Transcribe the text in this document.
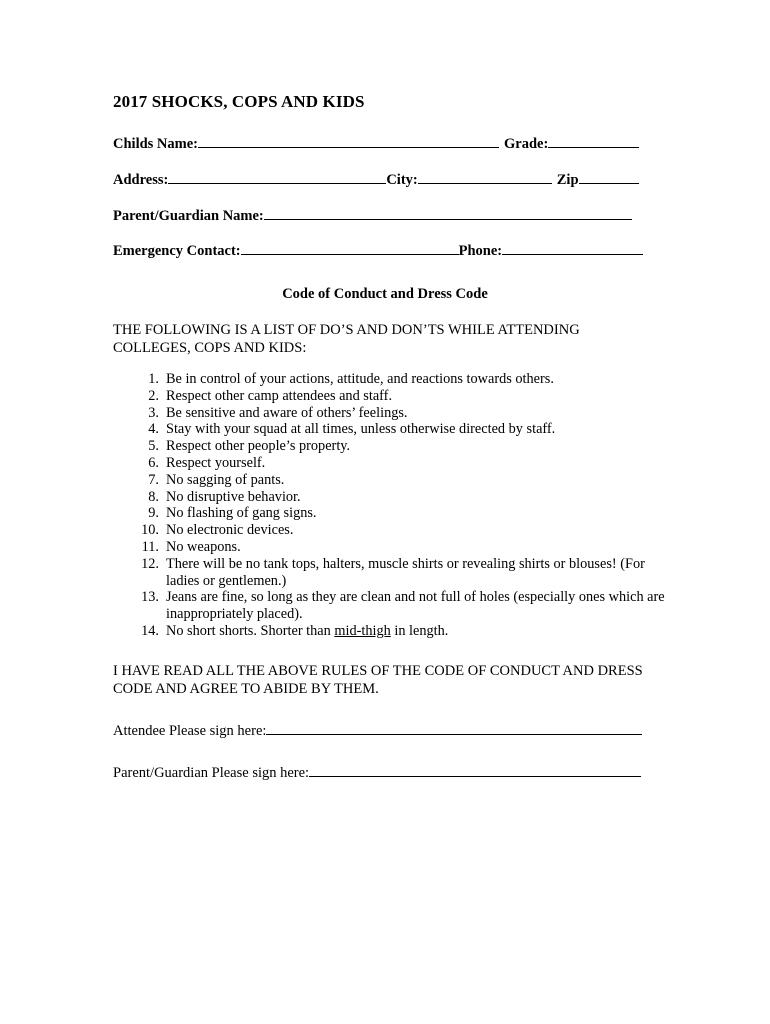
2017 SHOCKS, COPS AND KIDS
Childs Name:	Grade:
Address:	City:	Zip
Parent/Guardian Name:
Emergency Contact:	Phone:
Code of Conduct and Dress Code
THE FOLLOWING IS A LIST OF DO’S AND DON’TS WHILE ATTENDING COLLEGES, COPS AND KIDS:
1. Be in control of your actions, attitude, and reactions towards others.
2. Respect other camp attendees and staff.
3. Be sensitive and aware of others’ feelings.
4. Stay with your squad at all times, unless otherwise directed by staff.
5. Respect other people’s property.
6. Respect yourself.
7. No sagging of pants.
8. No disruptive behavior.
9. No flashing of gang signs.
10. No electronic devices.
11. No weapons.
12. There will be no tank tops, halters, muscle shirts or revealing shirts or blouses! (For ladies or gentlemen.)
13. Jeans are fine, so long as they are clean and not full of holes (especially ones which are inappropriately placed).
14. No short shorts. Shorter than mid-thigh in length.
I HAVE READ ALL THE ABOVE RULES OF THE CODE OF CONDUCT AND DRESS CODE AND AGREE TO ABIDE BY THEM.
Attendee Please sign here:
Parent/Guardian Please sign here:
